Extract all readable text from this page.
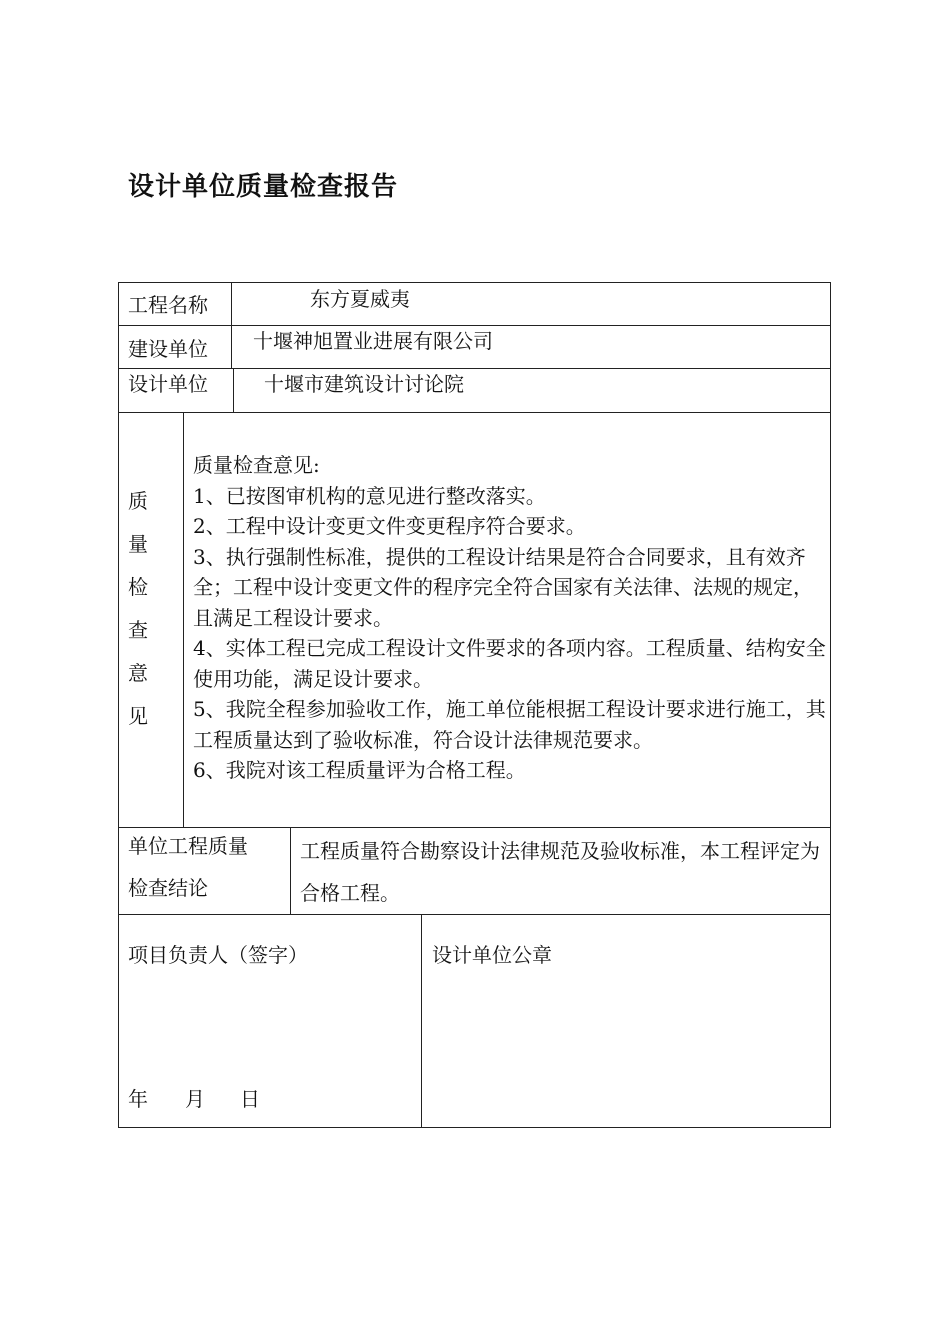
设计单位质量检查报告
工程名称	东方夏威夷
建设单位 十堰神旭置业进展有限公司
设计单位	十堰市建筑设计讨论院
质
量
检
查
意
见
质量检查意见:
1、已按图审机构的意见进行整改落实。
2、工程中设计变更文件变更程序符合要求。
3、执行强制性标准，提供的工程设计结果是符合合同要求，且有效齐全；工程中设计变更文件的程序完全符合国家有关法律、法规的规定，且满足工程设计要求。
4、实体工程已完成工程设计文件要求的各项内容。工程质量、结构安全使用功能，满足设计要求。
5、我院全程参加验收工作，施工单位能根据工程设计要求进行施工，其工程质量达到了验收标准，符合设计法律规范要求。
6、我院对该工程质量评为合格工程。
单位工程质量
检查结论
工程质量符合勘察设计法律规范及验收标准，本工程评定为合格工程。
项目负责人（签字）
年 月 日
设计单位公章
